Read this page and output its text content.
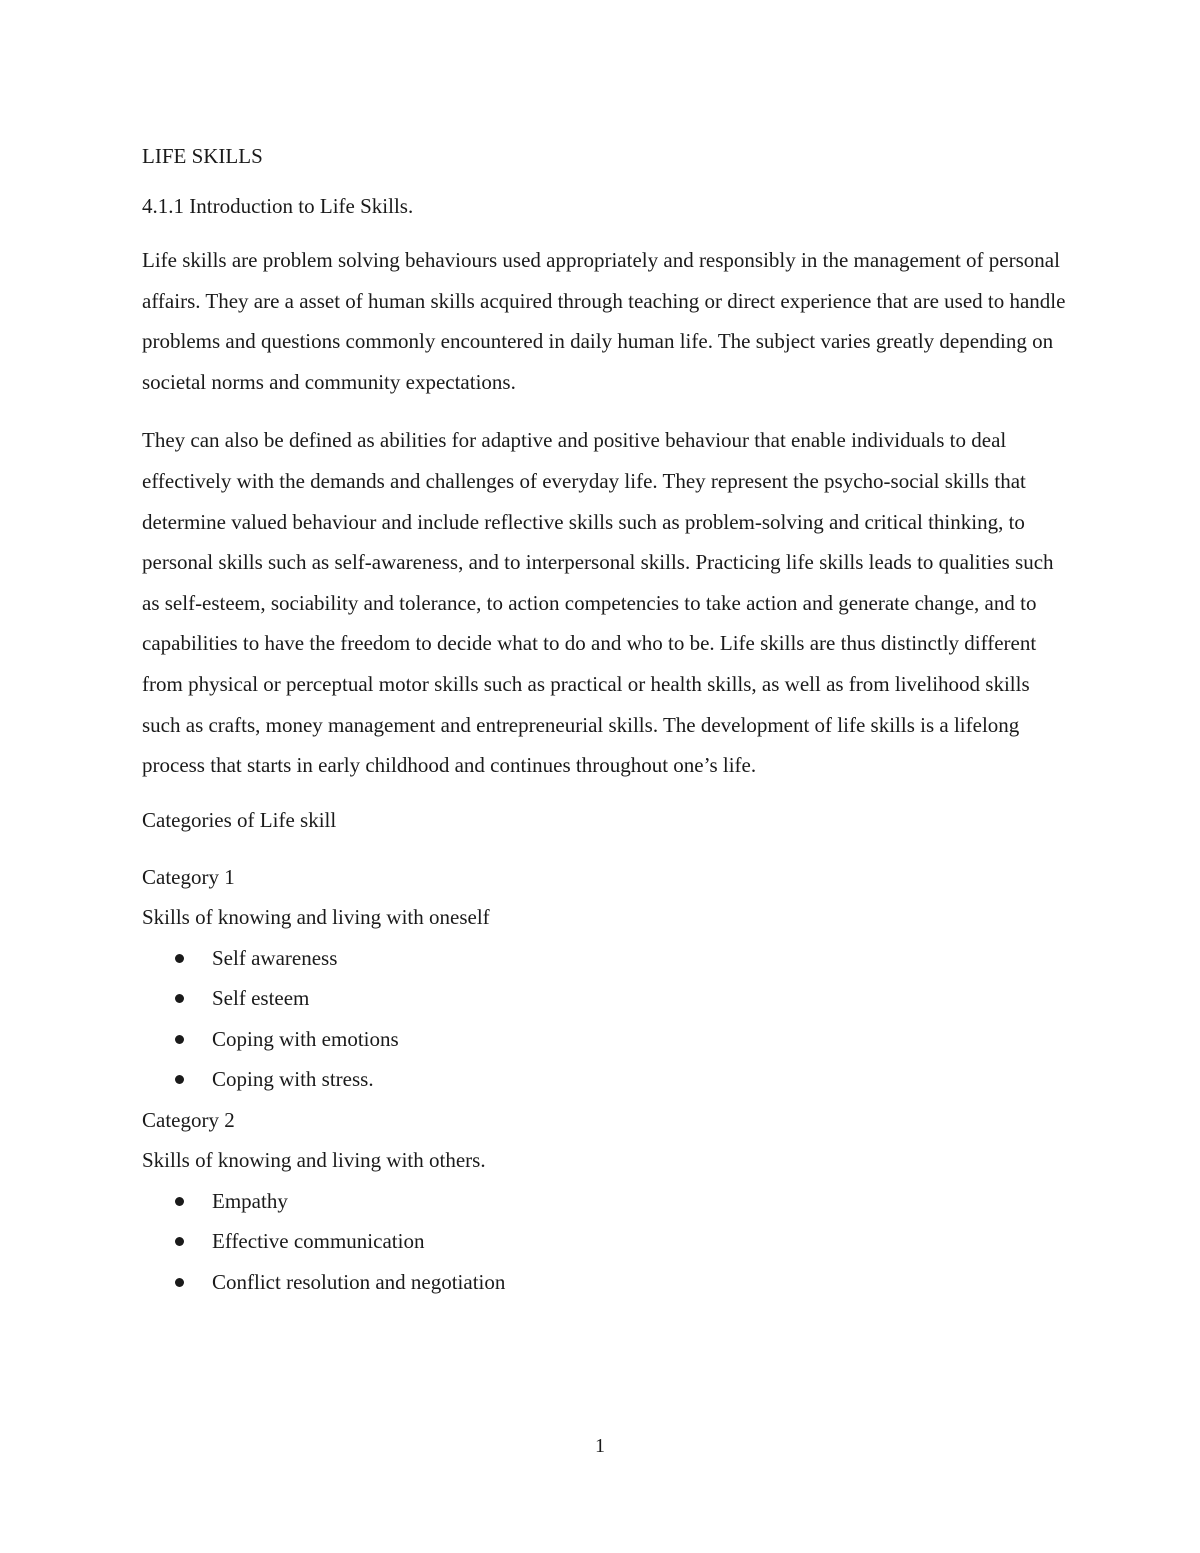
LIFE SKILLS

4.1.1 Introduction to Life Skills.

Life skills are problem solving behaviours used appropriately and responsibly in the management of personal affairs. They are a asset of human skills acquired through teaching or direct experience that are used to handle problems and questions commonly encountered in daily human life. The subject varies greatly depending on societal norms and community expectations.

They can also be defined as abilities for adaptive and positive behaviour that enable individuals to deal effectively with the demands and challenges of everyday life. They represent the psycho-social skills that determine valued behaviour and include reflective skills such as problem-solving and critical thinking, to personal skills such as self-awareness, and to interpersonal skills. Practicing life skills leads to qualities such as self-esteem, sociability and tolerance, to action competencies to take action and generate change, and to capabilities to have the freedom to decide what to do and who to be. Life skills are thus distinctly different from physical or perceptual motor skills such as practical or health skills, as well as from livelihood skills such as crafts, money management and entrepreneurial skills. The development of life skills is a lifelong process that starts in early childhood and continues throughout one’s life.

Categories of Life skill

Category 1

Skills of knowing and living with oneself

Self awareness
Self esteem
Coping with emotions
Coping with stress.

Category 2

Skills of knowing and living with others.

Empathy
Effective communication
Conflict resolution and negotiation
1
